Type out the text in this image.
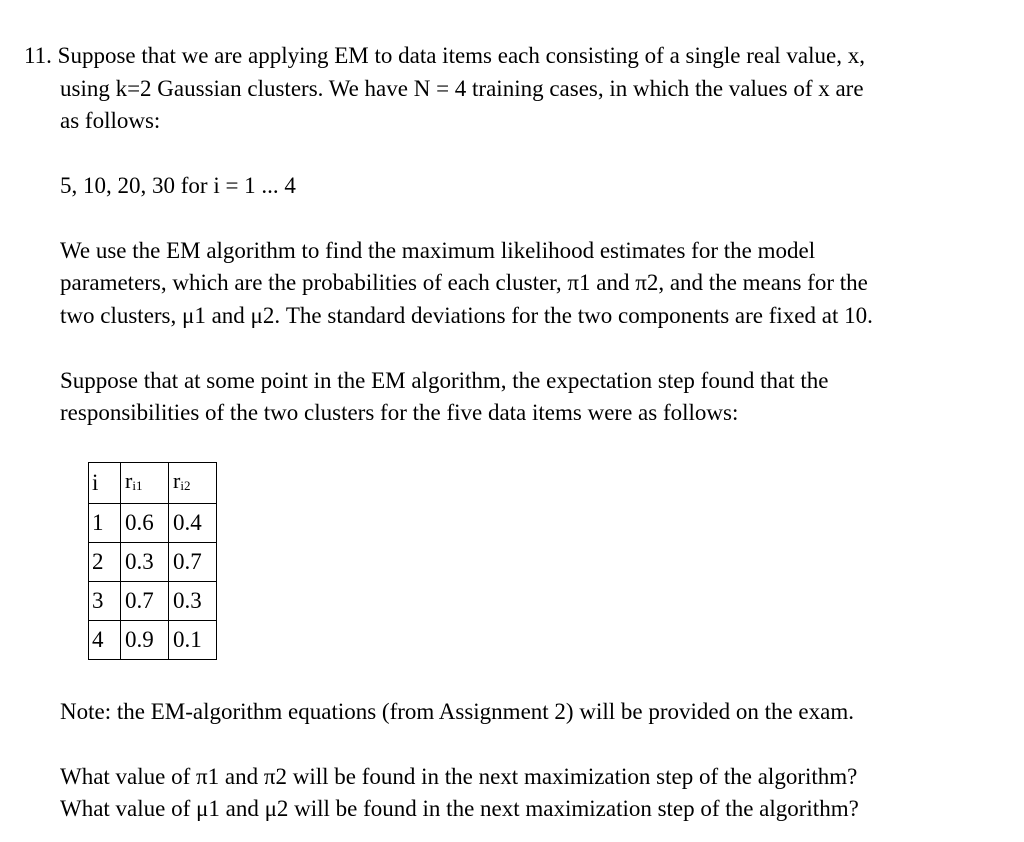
11. Suppose that we are applying EM to data items each consisting of a single real value, x,
using k=2 Gaussian clusters. We have N = 4 training cases, in which the values of x are
as follows:
5, 10, 20, 30 for i = 1 ... 4
We use the EM algorithm to find the maximum likelihood estimates for the model
parameters, which are the probabilities of each cluster, π1 and π2, and the means for the
two clusters, μ1 and μ2. The standard deviations for the two components are fixed at 10.
Suppose that at some point in the EM algorithm, the expectation step found that the
responsibilities of the two clusters for the five data items were as follows:
i	ri1	ri2
1	0.6	0.4
2	0.3	0.7
3	0.7	0.3
4	0.9	0.1
Note: the EM-algorithm equations (from Assignment 2) will be provided on the exam.
What value of π1 and π2 will be found in the next maximization step of the algorithm?
What value of μ1 and μ2 will be found in the next maximization step of the algorithm?
